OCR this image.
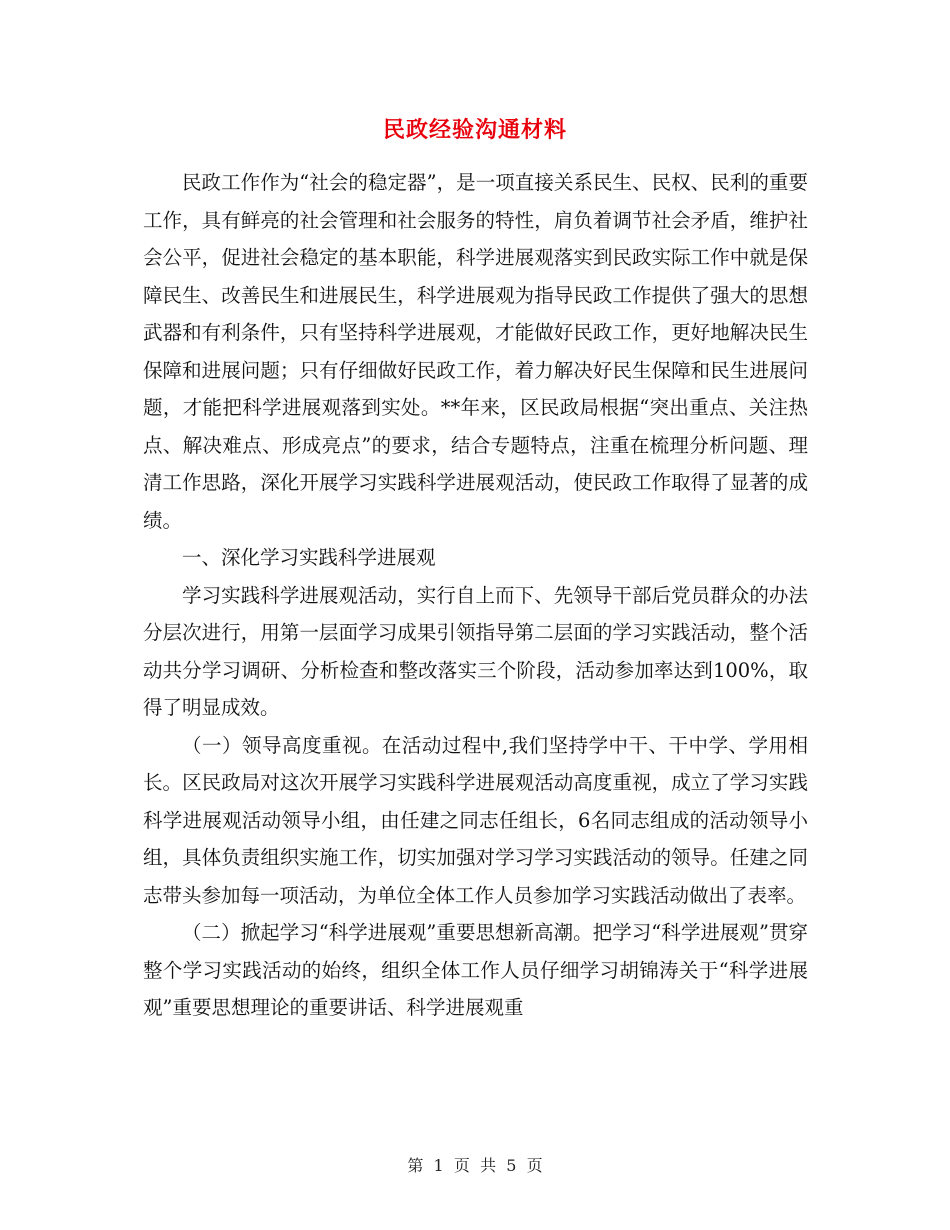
民政经验沟通材料

民政工作作为“社会的稳定器”，是一项直接关系民生、民权、民利的重要工作，具有鲜亮的社会管理和社会服务的特性，肩负着调节社会矛盾，维护社会公平，促进社会稳定的基本职能，科学进展观落实到民政实际工作中就是保障民生、改善民生和进展民生，科学进展观为指导民政工作提供了强大的思想武器和有利条件，只有坚持科学进展观，才能做好民政工作，更好地解决民生保障和进展问题；只有仔细做好民政工作，着力解决好民生保障和民生进展问题，才能把科学进展观落到实处。**年来，区民政局根据“突出重点、关注热点、解决难点、形成亮点”的要求，结合专题特点，注重在梳理分析问题、理清工作思路，深化开展学习实践科学进展观活动，使民政工作取得了显著的成绩。

一、深化学习实践科学进展观

学习实践科学进展观活动，实行自上而下、先领导干部后党员群众的办法分层次进行，用第一层面学习成果引领指导第二层面的学习实践活动，整个活动共分学习调研、分析检查和整改落实三个阶段，活动参加率达到100%，取得了明显成效。

（一）领导高度重视。在活动过程中,我们坚持学中干、干中学、学用相长。区民政局对这次开展学习实践科学进展观活动高度重视，成立了学习实践科学进展观活动领导小组，由任建之同志任组长，6名同志组成的活动领导小组，具体负责组织实施工作，切实加强对学习学习实践活动的领导。任建之同志带头参加每一项活动，为单位全体工作人员参加学习实践活动做出了表率。

（二）掀起学习“科学进展观”重要思想新高潮。把学习“科学进展观”贯穿整个学习实践活动的始终，组织全体工作人员仔细学习胡锦涛关于“科学进展观”重要思想理论的重要讲话、科学进展观重

第  1  页  共  5  页
